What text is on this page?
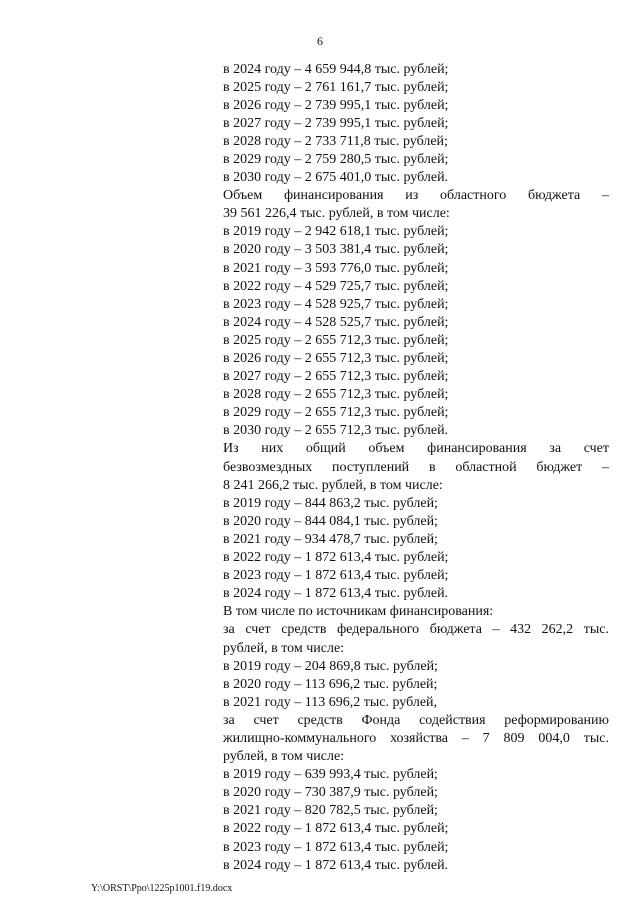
6
в 2024 году – 4 659 944,8 тыс. рублей;
в 2025 году – 2 761 161,7 тыс. рублей;
в 2026 году – 2 739 995,1 тыс. рублей;
в 2027 году – 2 739 995,1 тыс. рублей;
в 2028 году – 2 733 711,8 тыс. рублей;
в 2029 году – 2 759 280,5 тыс. рублей;
в 2030 году – 2 675 401,0 тыс. рублей.
Объем финансирования из областного бюджета –
39 561 226,4 тыс. рублей, в том числе:
в 2019 году – 2 942 618,1 тыс. рублей;
в 2020 году – 3 503 381,4 тыс. рублей;
в 2021 году – 3 593 776,0 тыс. рублей;
в 2022 году – 4 529 725,7 тыс. рублей;
в 2023 году – 4 528 925,7 тыс. рублей;
в 2024 году – 4 528 525,7 тыс. рублей;
в 2025 году – 2 655 712,3 тыс. рублей;
в 2026 году – 2 655 712,3 тыс. рублей;
в 2027 году – 2 655 712,3 тыс. рублей;
в 2028 году – 2 655 712,3 тыс. рублей;
в 2029 году – 2 655 712,3 тыс. рублей;
в 2030 году – 2 655 712,3 тыс. рублей.
Из них общий объем финансирования за счет
безвозмездных поступлений в областной бюджет –
8 241 266,2 тыс. рублей, в том числе:
в 2019 году – 844 863,2 тыс. рублей;
в 2020 году – 844 084,1 тыс. рублей;
в 2021 году – 934 478,7 тыс. рублей;
в 2022 году – 1 872 613,4 тыс. рублей;
в 2023 году – 1 872 613,4 тыс. рублей;
в 2024 году – 1 872 613,4 тыс. рублей.
В том числе по источникам финансирования:
за счет средств федерального бюджета – 432 262,2 тыс.
рублей, в том числе:
в 2019 году – 204 869,8 тыс. рублей;
в 2020 году – 113 696,2 тыс. рублей;
в 2021 году – 113 696,2 тыс. рублей,
за счет средств Фонда содействия реформированию
жилищно-коммунального хозяйства – 7 809 004,0 тыс.
рублей, в том числе:
в 2019 году – 639 993,4 тыс. рублей;
в 2020 году – 730 387,9 тыс. рублей;
в 2021 году – 820 782,5 тыс. рублей;
в 2022 году – 1 872 613,4 тыс. рублей;
в 2023 году – 1 872 613,4 тыс. рублей;
в 2024 году – 1 872 613,4 тыс. рублей.
Y:\ORST\Ppo\1225p1001.f19.docx
